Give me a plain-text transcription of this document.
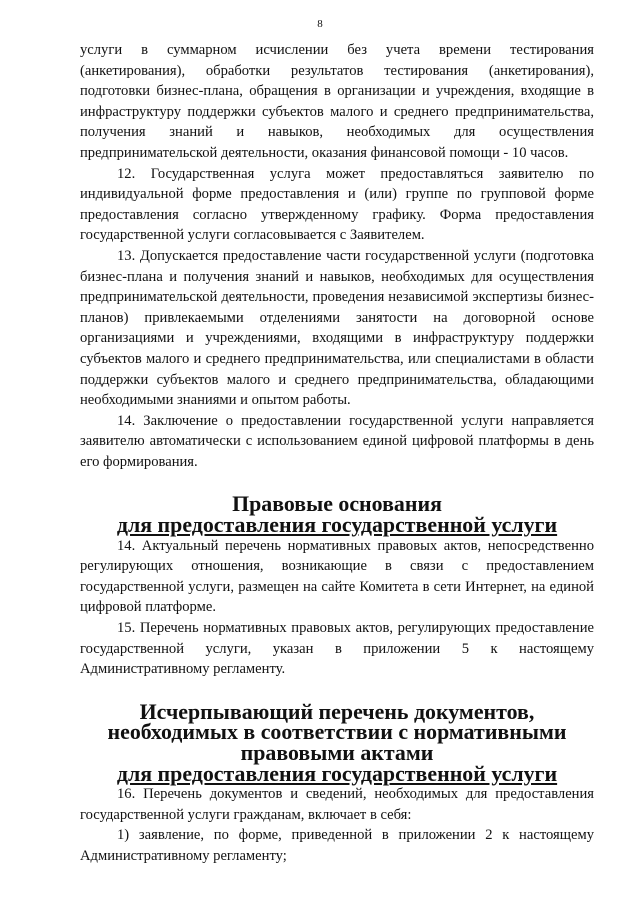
8

услуги в суммарном исчислении без учета времени тестирования (анкетирования), обработки результатов тестирования (анкетирования), подготовки бизнес-плана, обращения в организации и учреждения, входящие в инфраструктуру поддержки субъектов малого и среднего предпринимательства, получения знаний и навыков, необходимых для осуществления предпринимательской деятельности, оказания финансовой помощи - 10 часов.

12. Государственная услуга может предоставляться заявителю по индивидуальной форме предоставления и (или) группе по групповой форме предоставления согласно утвержденному графику. Форма предоставления государственной услуги согласовывается с Заявителем.

13. Допускается предоставление части государственной услуги (подготовка бизнес-плана и получения знаний и навыков, необходимых для осуществления предпринимательской деятельности, проведения независимой экспертизы бизнес-планов) привлекаемыми отделениями занятости на договорной основе организациями и учреждениями, входящими в инфраструктуру поддержки субъектов малого и среднего предпринимательства, или специалистами в области поддержки субъектов малого и среднего предпринимательства, обладающими необходимыми знаниями и опытом работы.

14. Заключение о предоставлении государственной услуги направляется заявителю автоматически с использованием единой цифровой платформы в день его формирования.

Правовые основания
для предоставления государственной услуги

14. Актуальный перечень нормативных правовых актов, непосредственно регулирующих отношения, возникающие в связи с предоставлением государственной услуги, размещен на сайте Комитета в сети Интернет, на единой цифровой платформе.

15. Перечень нормативных правовых актов, регулирующих предоставление государственной услуги, указан в приложении 5 к настоящему Административному регламенту.

Исчерпывающий перечень документов,
необходимых в соответствии с нормативными правовыми актами
для предоставления государственной услуги

16. Перечень документов и сведений, необходимых для предоставления государственной услуги гражданам, включает в себя:

1) заявление, по форме, приведенной в приложении 2 к настоящему Административному регламенту;
